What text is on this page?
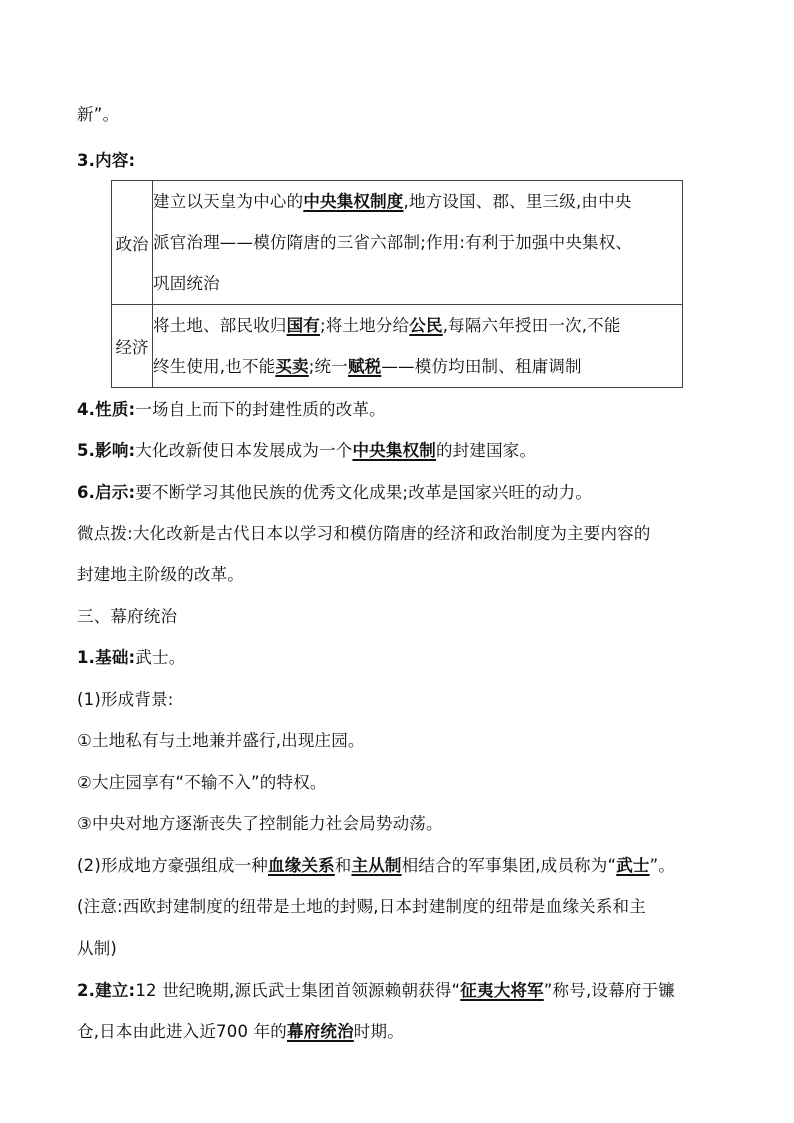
新”。
3.内容:
政治	建立以天皇为中心的中央集权制度,地方设国、郡、里三级,由中央
派官治理——模仿隋唐的三省六部制;作用:有利于加强中央集权、
巩固统治

经济	将土地、部民收归国有;将土地分给公民,每隔六年授田一次,不能
终生使用,也不能买卖;统一赋税——模仿均田制、租庸调制
4.性质:一场自上而下的封建性质的改革。
5.影响:大化改新使日本发展成为一个中央集权制的封建国家。
6.启示:要不断学习其他民族的优秀文化成果;改革是国家兴旺的动力。
微点拨:大化改新是古代日本以学习和模仿隋唐的经济和政治制度为主要内容的
封建地主阶级的改革。
三、幕府统治
1.基础:武士。
(1)形成背景:
①土地私有与土地兼并盛行,出现庄园。
②大庄园享有“不输不入”的特权。
③中央对地方逐渐丧失了控制能力社会局势动荡。
(2)形成地方豪强组成一种血缘关系和主从制相结合的军事集团,成员称为“武士”。
(注意:西欧封建制度的纽带是土地的封赐,日本封建制度的纽带是血缘关系和主
从制)
2.建立:12 世纪晚期,源氏武士集团首领源赖朝获得“征夷大将军”称号,设幕府于镰
仓,日本由此进入近700 年的幕府统治时期。
